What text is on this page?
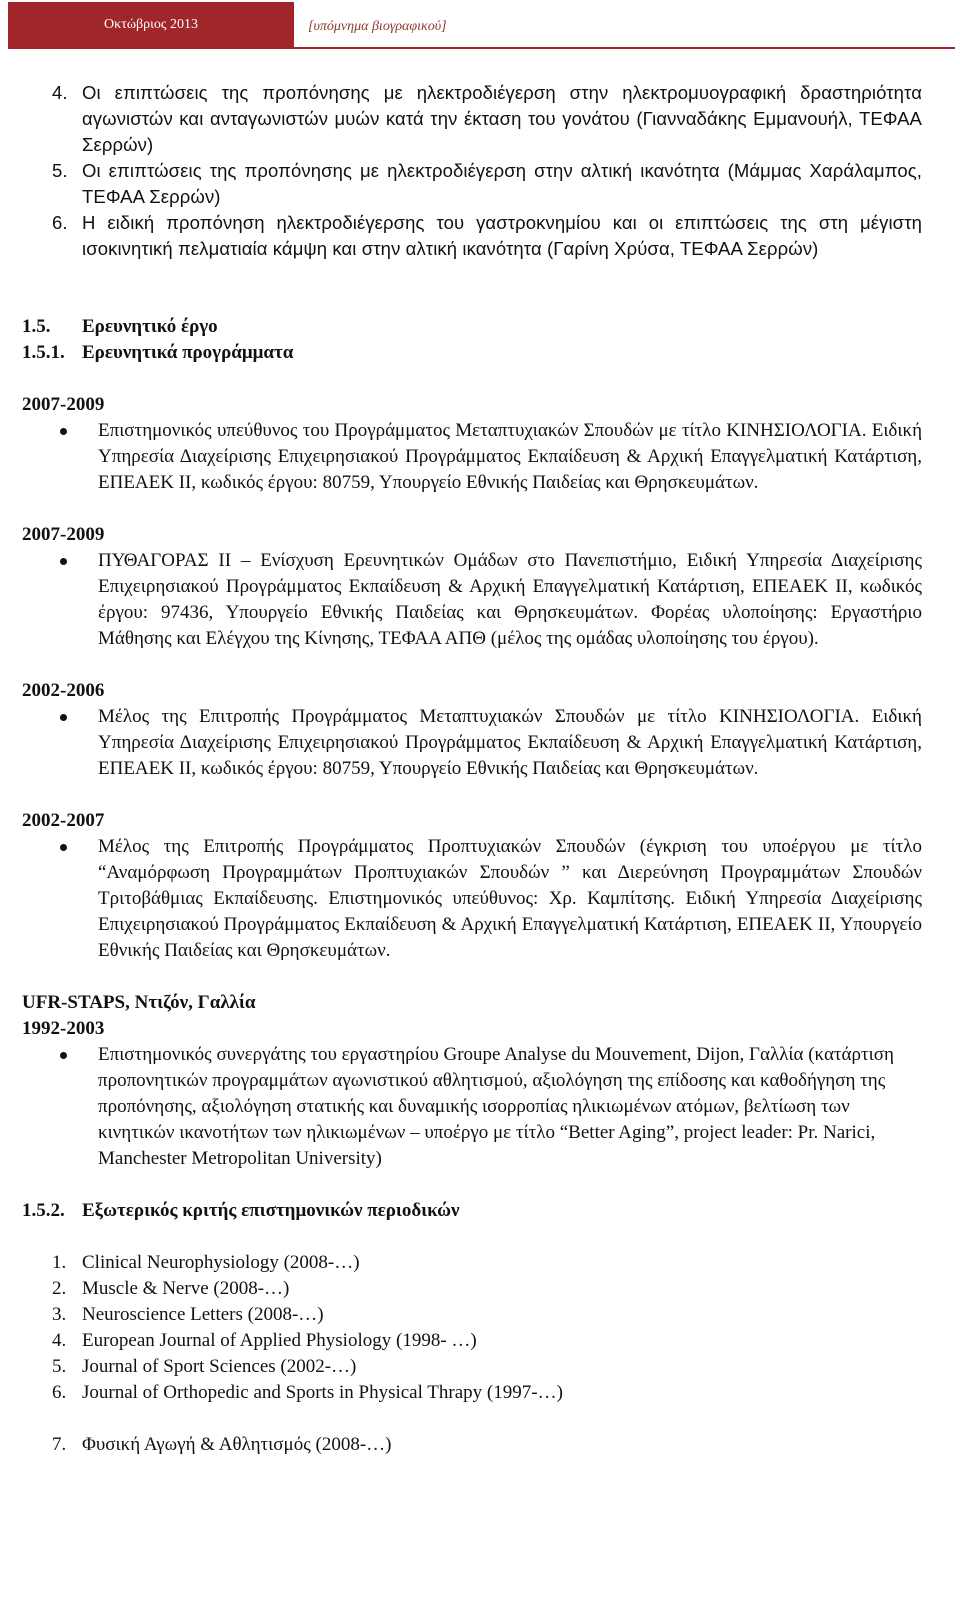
Οκτώβριος 2013	[υπόμνημα βιογραφικού]
4. Οι επιπτώσεις της προπόνησης με ηλεκτροδιέγερση στην ηλεκτρομυογραφική δραστηριότητα αγωνιστών και ανταγωνιστών μυών κατά την έκταση του γονάτου (Γιανναδάκης Εμμανουήλ, ΤΕΦΑΑ Σερρών)
5. Οι επιπτώσεις της προπόνησης με ηλεκτροδιέγερση στην αλτική ικανότητα (Μάμμας Χαράλαμπος, ΤΕΦΑΑ Σερρών)
6. Η ειδική προπόνηση ηλεκτροδιέγερσης του γαστροκνημίου και οι επιπτώσεις της στη μέγιστη ισοκινητική πελματιαία κάμψη και στην αλτική ικανότητα (Γαρίνη Χρύσα, ΤΕΦΑΑ Σερρών)
1.5.	Ερευνητικό έργο
1.5.1. Ερευνητικά προγράμματα
2007-2009
Επιστημονικός υπεύθυνος του Προγράμματος Μεταπτυχιακών Σπουδών με τίτλο ΚΙΝΗΣΙΟΛΟΓΙΑ. Ειδική Υπηρεσία Διαχείρισης Επιχειρησιακού Προγράμματος Εκπαίδευση & Αρχική Επαγγελματική Κατάρτιση, ΕΠΕΑΕΚ ΙΙ, κωδικός έργου: 80759, Υπουργείο Εθνικής Παιδείας και Θρησκευμάτων.
2007-2009
ΠΥΘΑΓΟΡΑΣ ΙΙ – Ενίσχυση Ερευνητικών Ομάδων στο Πανεπιστήμιο, Ειδική Υπηρεσία Διαχείρισης Επιχειρησιακού Προγράμματος Εκπαίδευση & Αρχική Επαγγελματική Κατάρτιση, ΕΠΕΑΕΚ ΙΙ, κωδικός έργου: 97436, Υπουργείο Εθνικής Παιδείας και Θρησκευμάτων. Φορέας υλοποίησης: Εργαστήριο Μάθησης και Ελέγχου της Κίνησης, ΤΕΦΑΑ ΑΠΘ (μέλος της ομάδας υλοποίησης του έργου).
2002-2006
Μέλος της Επιτροπής Προγράμματος Μεταπτυχιακών Σπουδών με τίτλο ΚΙΝΗΣΙΟΛΟΓΙΑ. Ειδική Υπηρεσία Διαχείρισης Επιχειρησιακού Προγράμματος Εκπαίδευση & Αρχική Επαγγελματική Κατάρτιση, ΕΠΕΑΕΚ ΙΙ, κωδικός έργου: 80759, Υπουργείο Εθνικής Παιδείας και Θρησκευμάτων.
2002-2007
Μέλος της Επιτροπής Προγράμματος Προπτυχιακών Σπουδών (έγκριση του υποέργου με τίτλο “Αναμόρφωση Προγραμμάτων Προπτυχιακών Σπουδών ” και Διερεύνηση Προγραμμάτων Σπουδών Τριτοβάθμιας Εκπαίδευσης. Επιστημονικός υπεύθυνος: Χρ. Καμπίτσης. Ειδική Υπηρεσία Διαχείρισης Επιχειρησιακού Προγράμματος Εκπαίδευση & Αρχική Επαγγελματική Κατάρτιση, ΕΠΕΑΕΚ ΙΙ, Υπουργείο Εθνικής Παιδείας και Θρησκευμάτων.
UFR-STAPS, Ντιζόν, Γαλλία
1992-2003
Επιστημονικός συνεργάτης του εργαστηρίου Groupe Analyse du Mouvement, Dijon, Γαλλία (κατάρτιση προπονητικών προγραμμάτων αγωνιστικού αθλητισμού, αξιολόγηση της επίδοσης και καθοδήγηση της προπόνησης, αξιολόγηση στατικής και δυναμικής ισορροπίας ηλικιωμένων ατόμων, βελτίωση των κινητικών ικανοτήτων των ηλικιωμένων – υποέργο με τίτλο “Better Aging”, project leader: Pr. Narici, Manchester Metropolitan University)
1.5.2. Εξωτερικός κριτής επιστημονικών περιοδικών
1. Clinical Neurophysiology (2008-…)
2. Muscle & Nerve (2008-…)
3. Neuroscience Letters (2008-…)
4. European Journal of Applied Physiology (1998- …)
5. Journal of Sport Sciences (2002-…)
6. Journal of Orthopedic and Sports in Physical Thrapy (1997-…)
7. Φυσική Αγωγή & Αθλητισμός (2008-…)
